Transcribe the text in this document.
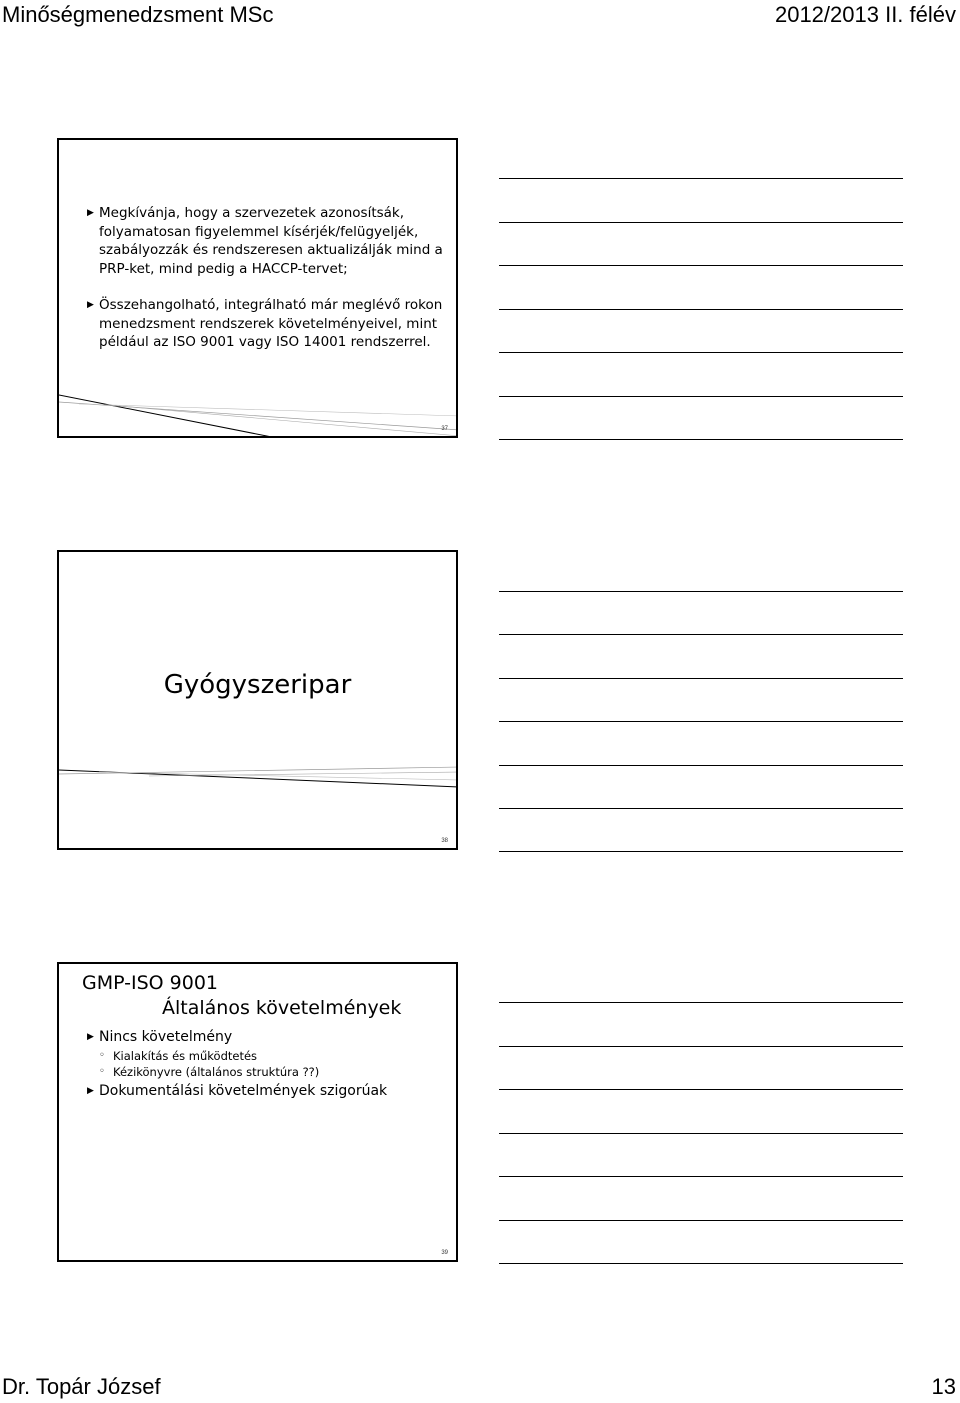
Minőségmenedzsment MSc	2012/2013 II. félév
▶ Megkívánja, hogy a szervezetek azonosítsák, folyamatosan figyelemmel kísérjék/felügyeljék, szabályozzák és rendszeresen aktualizálják mind a PRP-ket, mind pedig a HACCP-tervet;
▶ Összehangolható, integrálható már meglévő rokon menedzsment rendszerek követelményeivel, mint például az ISO 9001 vagy ISO 14001 rendszerrel.
37
Gyógyszeripar
38
GMP-ISO 9001
Általános követelmények
▶ Nincs követelmény
◦ Kialakítás és működtetés
◦ Kézikönyvre (általános struktúra ??)
▶ Dokumentálási követelmények szigorúak
39
Dr. Topár József	13
